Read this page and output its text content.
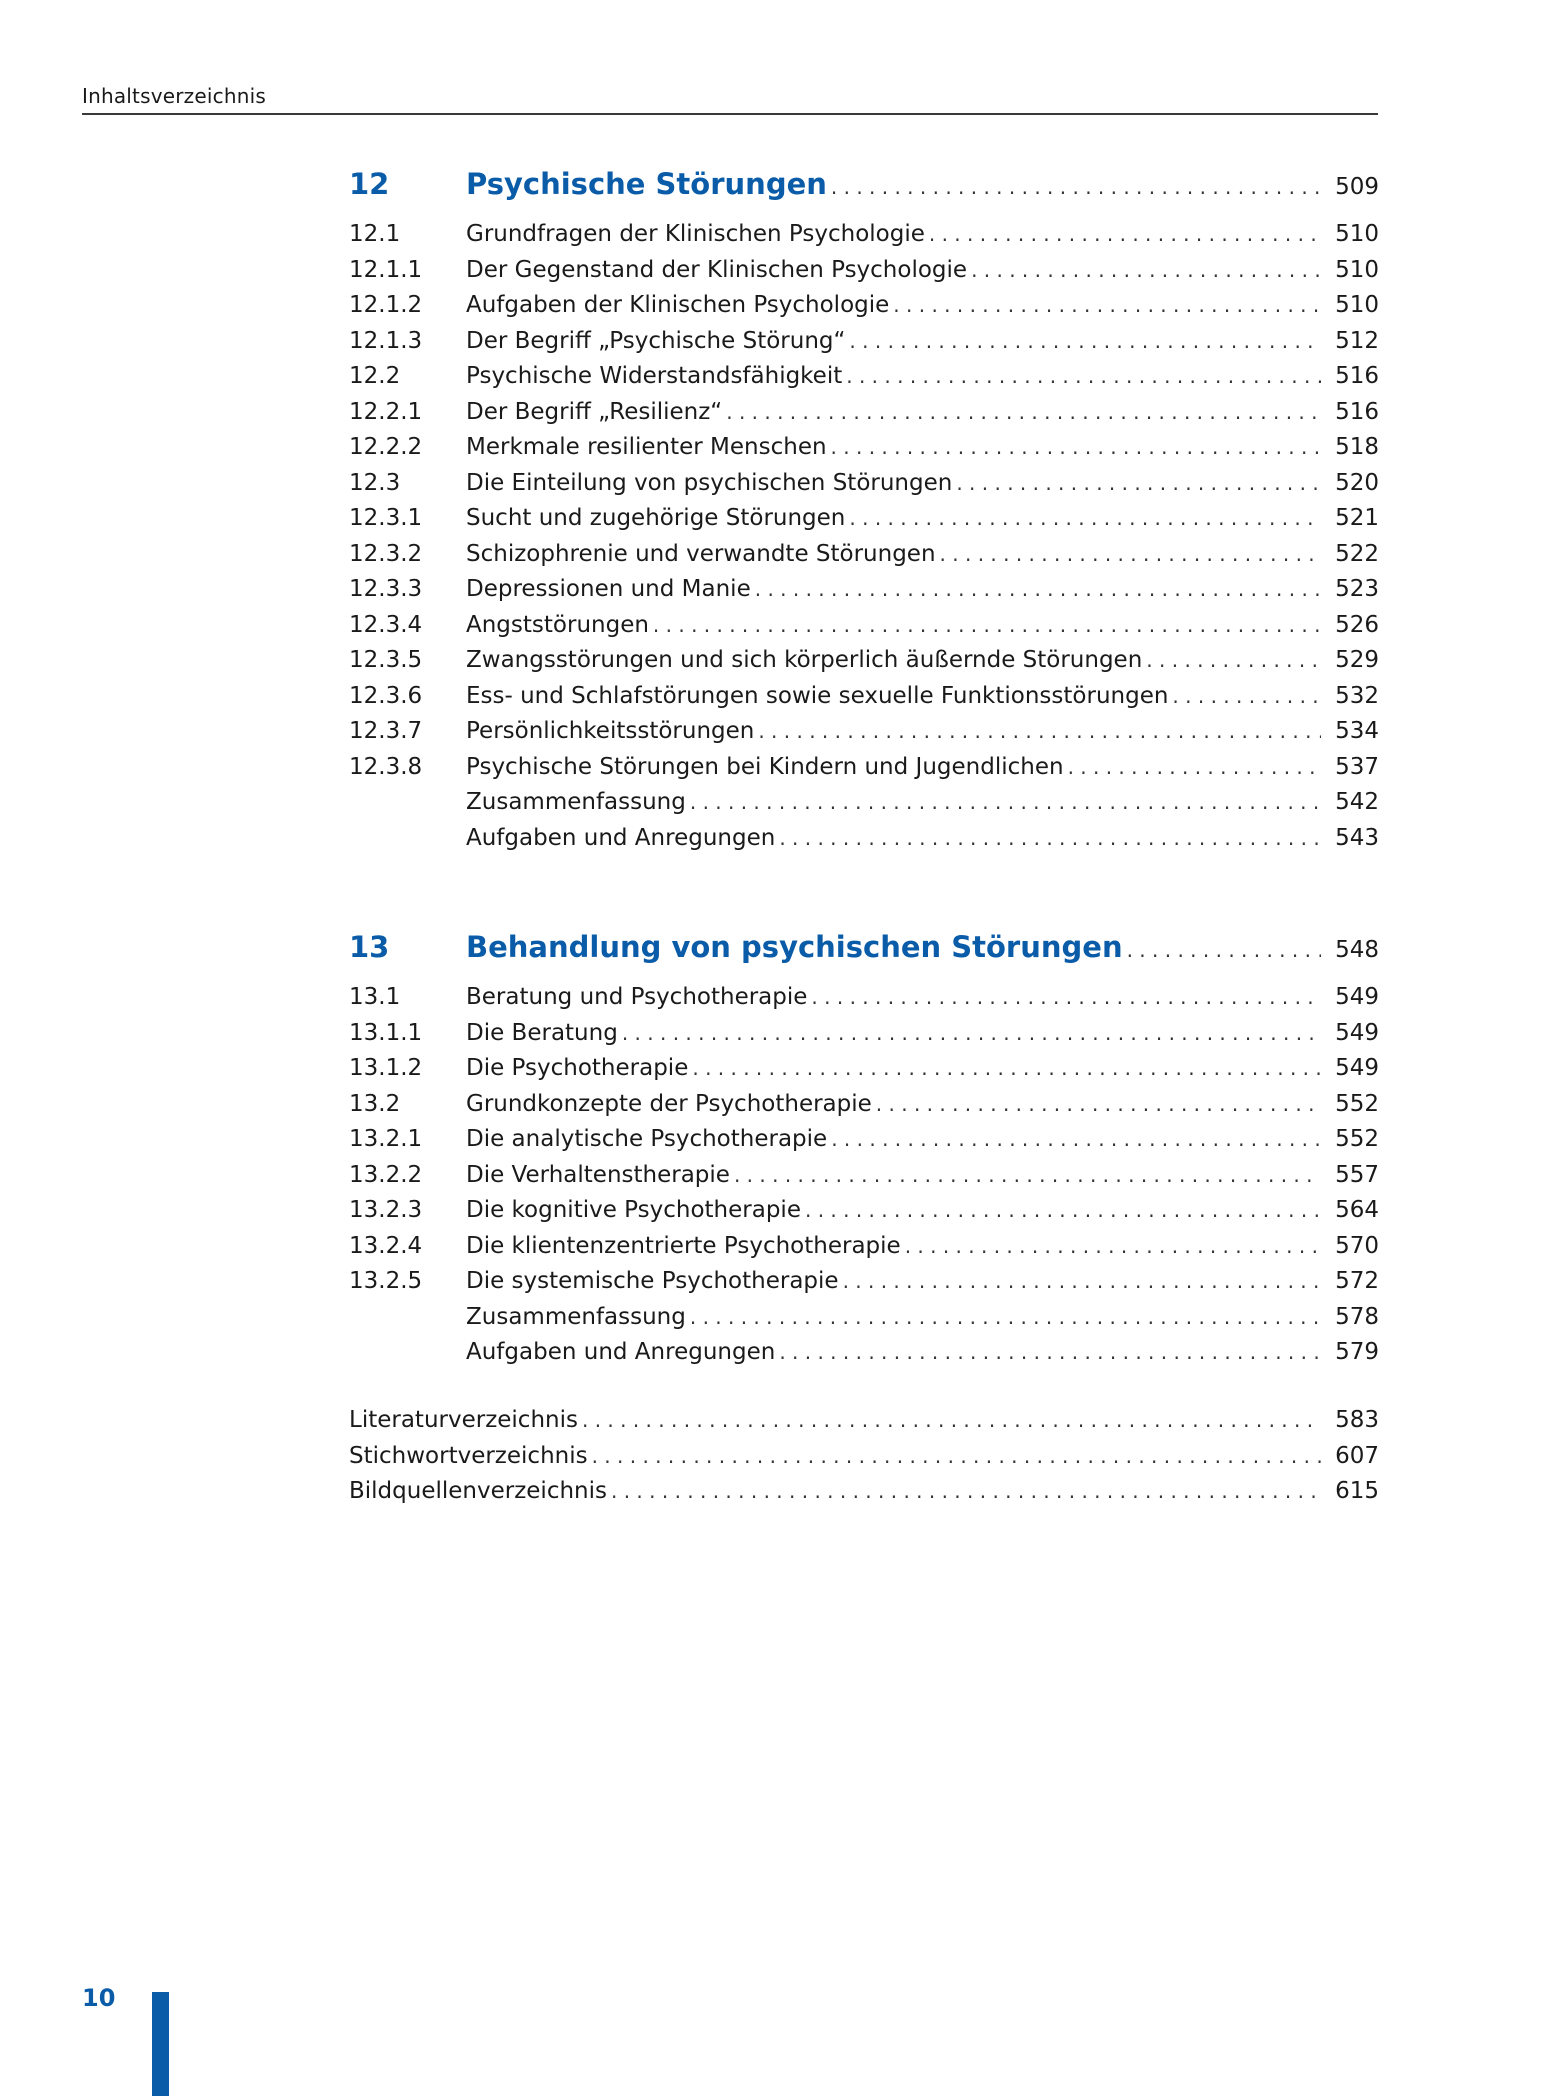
Inhaltsverzeichnis
12	Psychische Störungen . . .	509
12.1	Grundfragen der Klinischen Psychologie . . .	510
12.1.1	Der Gegenstand der Klinischen Psychologie . . .	510
12.1.2	Aufgaben der Klinischen Psychologie . . .	510
12.1.3	Der Begriff „Psychische Störung“ . . .	512
12.2	Psychische Widerstandsfähigkeit . . .	516
12.2.1	Der Begriff „Resilienz“ . . .	516
12.2.2	Merkmale resilienter Menschen . . .	518
12.3	Die Einteilung von psychischen Störungen . . .	520
12.3.1	Sucht und zugehörige Störungen . . .	521
12.3.2	Schizophrenie und verwandte Störungen . . .	522
12.3.3	Depressionen und Manie . . .	523
12.3.4	Angststörungen . . .	526
12.3.5	Zwangsstörungen und sich körperlich äußernde Störungen . . .	529
12.3.6	Ess- und Schlafstörungen sowie sexuelle Funktionsstörungen . . .	532
12.3.7	Persönlichkeitsstörungen . . .	534
12.3.8	Psychische Störungen bei Kindern und Jugendlichen . . .	537
Zusammenfassung . . .	542
Aufgaben und Anregungen . . .	543
13	Behandlung von psychischen Störungen . . .	548
13.1	Beratung und Psychotherapie . . .	549
13.1.1	Die Beratung . . .	549
13.1.2	Die Psychotherapie . . .	549
13.2	Grundkonzepte der Psychotherapie . . .	552
13.2.1	Die analytische Psychotherapie . . .	552
13.2.2	Die Verhaltenstherapie . . .	557
13.2.3	Die kognitive Psychotherapie . . .	564
13.2.4	Die klientenzentrierte Psychotherapie . . .	570
13.2.5	Die systemische Psychotherapie . . .	572
Zusammenfassung . . .	578
Aufgaben und Anregungen . . .	579
Literaturverzeichnis . . .	583
Stichwortverzeichnis . . .	607
Bildquellenverzeichnis . . .	615
10
